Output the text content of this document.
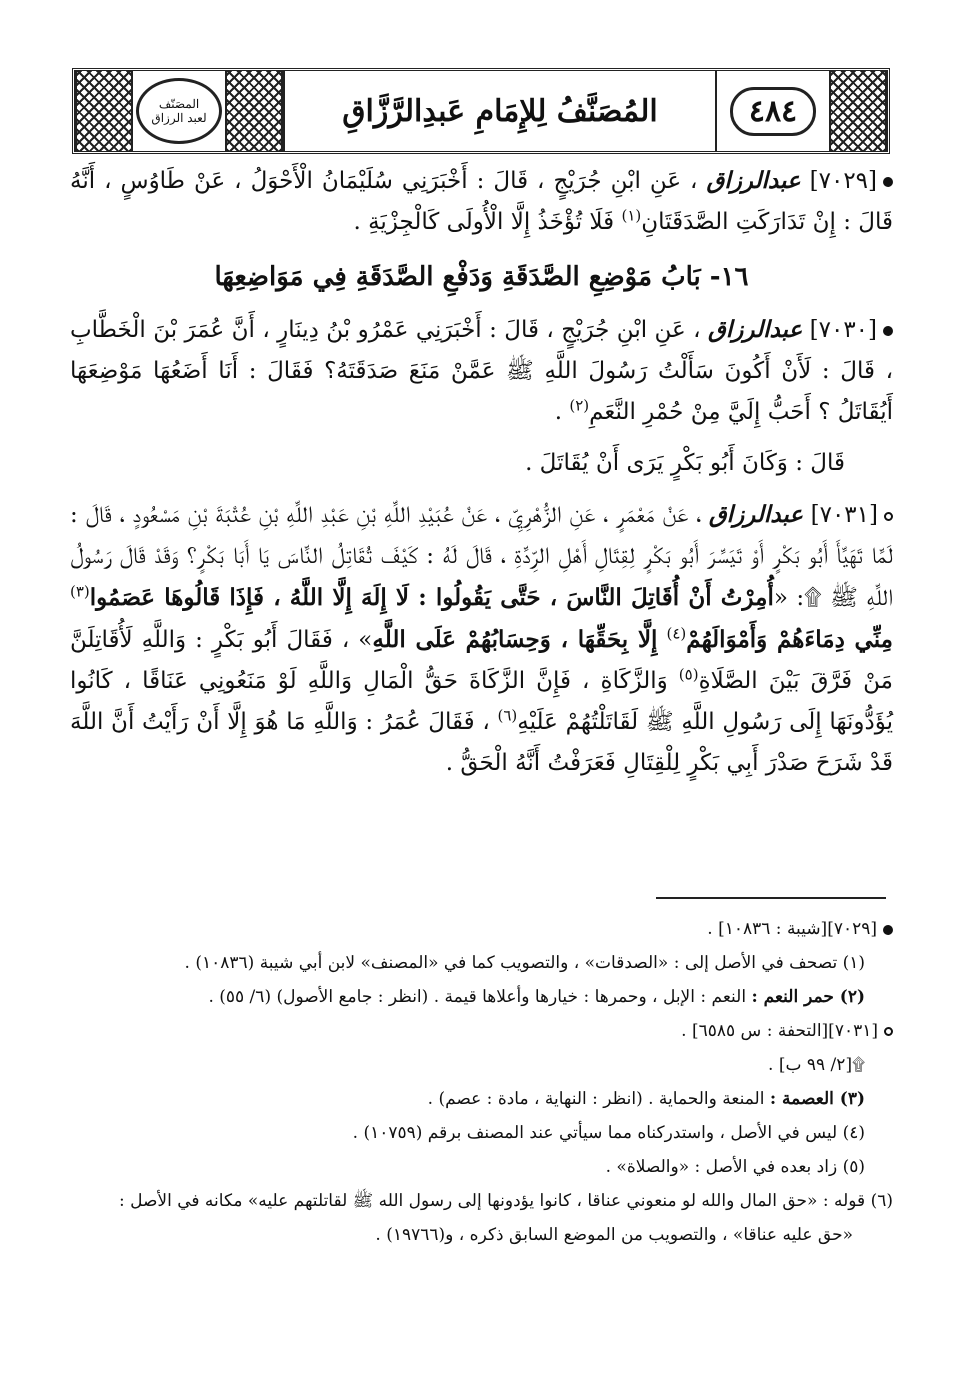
٤٨٤
المُصَنَّفُ لِلإِمَامِ عَبدِالرَّزَّاقِ
المصَنّف
لعبد الرزاق

[٧٠٢٩] عبدالرزاق ، عَنِ ابْنِ جُرَيْجٍ ، قَالَ : أَخْبَرَنِي سُلَيْمَانُ الْأَحْوَلُ ، عَنْ طَاوُسٍ ، أَنَّهُ قَالَ : إِنْ تَدَارَكَتِ الصَّدَقَتَانِ$^{(١)}$ فَلَا تُؤْخَذُ إِلَّا الْأُولَى كَالْجِزْيَةِ .

١٦- بَابُ مَوْضِعِ الصَّدَقَةِ وَدَفْعِ الصَّدَقَةِ فِي مَوَاضِعِهَا

[٧٠٣٠] عبدالرزاق ، عَنِ ابْنِ جُرَيْجٍ ، قَالَ : أَخْبَرَنِي عَمْرُو بْنُ دِينَارٍ ، أَنَّ عُمَرَ بْنَ الْخَطَّابِ ، قَالَ : لَأَنْ أَكُونَ سَأَلْتُ رَسُولَ اللَّهِ ﷺ عَمَّنْ مَنَعَ صَدَقَتَهُ؟ فَقَالَ : أَنَا أَضَعُهَا مَوْضِعَهَا أَيُقَاتَلُ ؟ أَحَبُّ إِلَيَّ مِنْ حُمْرِ النَّعَمِ$^{(٢)}$ .

قَالَ : وَكَانَ أَبُو بَكْرٍ يَرَى أَنْ يُقَاتَلَ .

[٧٠٣١] عبدالرزاق ، عَنْ مَعْمَرٍ ، عَنِ الزُّهْرِيِّ ، عَنْ عُبَيْدِ اللَّهِ بْنِ عَبْدِ اللَّهِ بْنِ عُتْبَةَ بْنِ مَسْعُودٍ ، قَالَ : لَمَّا تَهَيَّأَ أَبُو بَكْرٍ أَوْ تَيَسَّرَ أَبُو بَكْرٍ لِقِتَالِ أَهْلِ الرِّدَّةِ ، قَالَ لَهُ : كَيْفَ تُقَاتِلُ النَّاسَ يَا أَبَا بَكْرٍ؟ وَقَدْ قَالَ رَسُولُ اللَّهِ ﷺ ۩: «أُمِرْتُ أَنْ أُقَاتِلَ النَّاسَ ، حَتَّى يَقُولُوا : لَا إِلَهَ إِلَّا اللَّهُ ، فَإِذَا قَالُوهَا عَصَمُوا$^{(٣)}$ مِنِّي دِمَاءَهُمْ وَأَمْوَالَهُمْ$^{(٤)}$ إِلَّا بِحَقِّهَا ، وَحِسَابُهُمْ عَلَى اللَّهِ» ، فَقَالَ أَبُو بَكْرٍ : وَاللَّهِ لَأُقَاتِلَنَّ مَنْ فَرَّقَ بَيْنَ الصَّلَاةِ$^{(٥)}$ وَالزَّكَاةِ ، فَإِنَّ الزَّكَاةَ حَقُّ الْمَالِ وَاللَّهِ لَوْ مَنَعُونِي عَنَاقًا ، كَانُوا يُؤَدُّونَهَا إِلَى رَسُولِ اللَّهِ ﷺ لَقَاتَلْتُهُمْ عَلَيْهِ$^{(٦)}$ ، فَقَالَ عُمَرُ : وَاللَّهِ مَا هُوَ إِلَّا أَنْ رَأَيْتُ أَنَّ اللَّهَ قَدْ شَرَحَ صَدْرَ أَبِي بَكْرٍ لِلْقِتَالِ فَعَرَفْتُ أَنَّهُ الْحَقُّ .

[٧٠٢٩][شيبة : ١٠٨٣٦] .

(١) تصحف في الأصل إلى : «الصدقات» ، والتصويب كما في «المصنف» لابن أبي شيبة (١٠٨٣٦) .

(٢) حمر النعم : النعم : الإبل ، وحمرها : خيارها وأعلاها قيمة . (انظر : جامع الأصول) (٦/ ٥٥) .

[٧٠٣١][التحفة : س ٦٥٨٥] .

۩[٢/ ٩٩ ب] .

(٣) العصمة : المنعة والحماية . (انظر : النهاية ، مادة : عصم) .

(٤) ليس في الأصل ، واستدركناه مما سيأتي عند المصنف برقم (١٠٧٥٩) .

(٥) زاد بعده في الأصل : «والصلاة» .

(٦) قوله : «حق المال والله لو منعوني عناقا ، كانوا يؤدونها إلى رسول الله ﷺ لقاتلتهم عليه» مكانه في الأصل :

«حق عليه عناقا» ، والتصويب من الموضع السابق ذكره ، و(١٩٧٦٦) .
